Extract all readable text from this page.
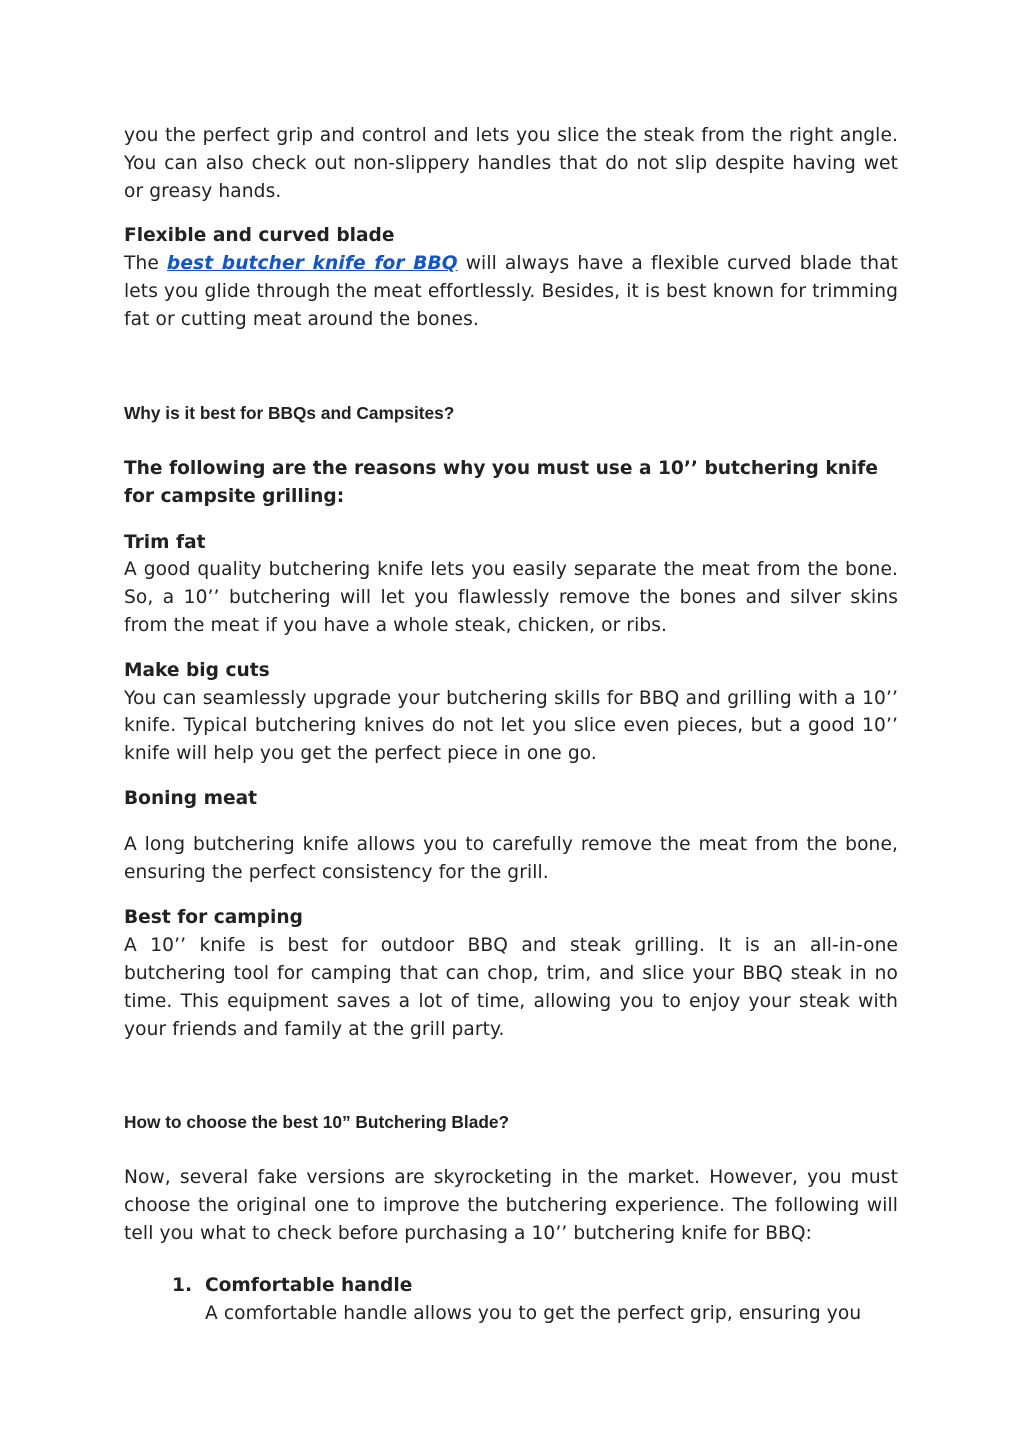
you the perfect grip and control and lets you slice the steak from the right angle. You can also check out non-slippery handles that do not slip despite having wet or greasy hands.

Flexible and curved blade

The best butcher knife for BBQ will always have a flexible curved blade that lets you glide through the meat effortlessly. Besides, it is best known for trimming fat or cutting meat around the bones.

Why is it best for BBQs and Campsites?

The following are the reasons why you must use a 10’’ butchering knife for campsite grilling:

Trim fat

A good quality butchering knife lets you easily separate the meat from the bone. So, a 10’’ butchering will let you flawlessly remove the bones and silver skins from the meat if you have a whole steak, chicken, or ribs.

Make big cuts

You can seamlessly upgrade your butchering skills for BBQ and grilling with a 10’’ knife. Typical butchering knives do not let you slice even pieces, but a good 10’’ knife will help you get the perfect piece in one go.

Boning meat

A long butchering knife allows you to carefully remove the meat from the bone, ensuring the perfect consistency for the grill.

Best for camping

A 10’’ knife is best for outdoor BBQ and steak grilling. It is an all-in-one butchering tool for camping that can chop, trim, and slice your BBQ steak in no time. This equipment saves a lot of time, allowing you to enjoy your steak with your friends and family at the grill party.

How to choose the best 10” Butchering Blade?

Now, several fake versions are skyrocketing in the market. However, you must choose the original one to improve the butchering experience. The following will tell you what to check before purchasing a 10’’ butchering knife for BBQ:

1. Comfortable handle

A comfortable handle allows you to get the perfect grip, ensuring you
